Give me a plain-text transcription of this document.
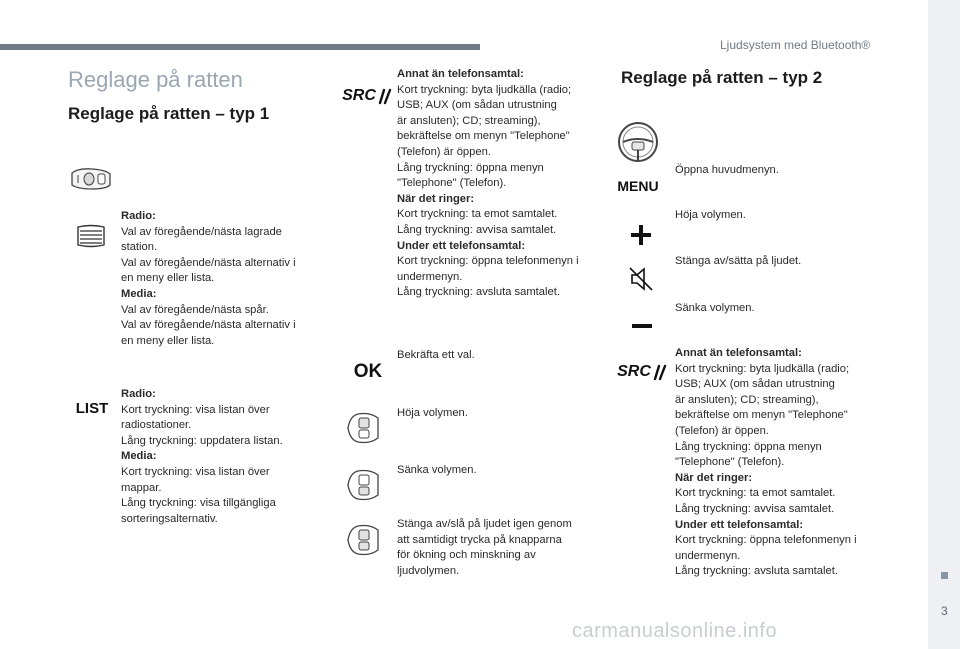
Ljudsystem med Bluetooth®
3
carmanualsonline.info
Reglage på ratten
Reglage på ratten – typ 1
Radio:
Val av föregående/nästa lagrade
station.
Val av föregående/nästa alternativ i
en meny eller lista.
Media:
Val av föregående/nästa spår.
Val av föregående/nästa alternativ i
en meny eller lista.
LIST
Radio:
Kort tryckning: visa listan över
radiostationer.
Lång tryckning: uppdatera listan.
Media:
Kort tryckning: visa listan över
mappar.
Lång tryckning: visa tillgängliga
sorteringsalternativ.
SRC
Annat än telefonsamtal:
Kort tryckning: byta ljudkälla (radio;
USB; AUX (om sådan utrustning
är ansluten); CD; streaming),
bekräftelse om menyn "Telephone"
(Telefon) är öppen.
Lång tryckning: öppna menyn
"Telephone" (Telefon).
När det ringer:
Kort tryckning: ta emot samtalet.
Lång tryckning: avvisa samtalet.
Under ett telefonsamtal:
Kort tryckning: öppna telefonmenyn i
undermenyn.
Lång tryckning: avsluta samtalet.
OK
Bekräfta ett val.
Höja volymen.
Sänka volymen.
Stänga av/slå på ljudet igen genom
att samtidigt trycka på knapparna
för ökning och minskning av
ljudvolymen.
Reglage på ratten – typ 2
MENU
Öppna huvudmenyn.
Höja volymen.
Stänga av/sätta på ljudet.
Sänka volymen.
SRC
Annat än telefonsamtal:
Kort tryckning: byta ljudkälla (radio;
USB; AUX (om sådan utrustning
är ansluten); CD; streaming),
bekräftelse om menyn "Telephone"
(Telefon) är öppen.
Lång tryckning: öppna menyn
"Telephone" (Telefon).
När det ringer:
Kort tryckning: ta emot samtalet.
Lång tryckning: avvisa samtalet.
Under ett telefonsamtal:
Kort tryckning: öppna telefonmenyn i
undermenyn.
Lång tryckning: avsluta samtalet.
